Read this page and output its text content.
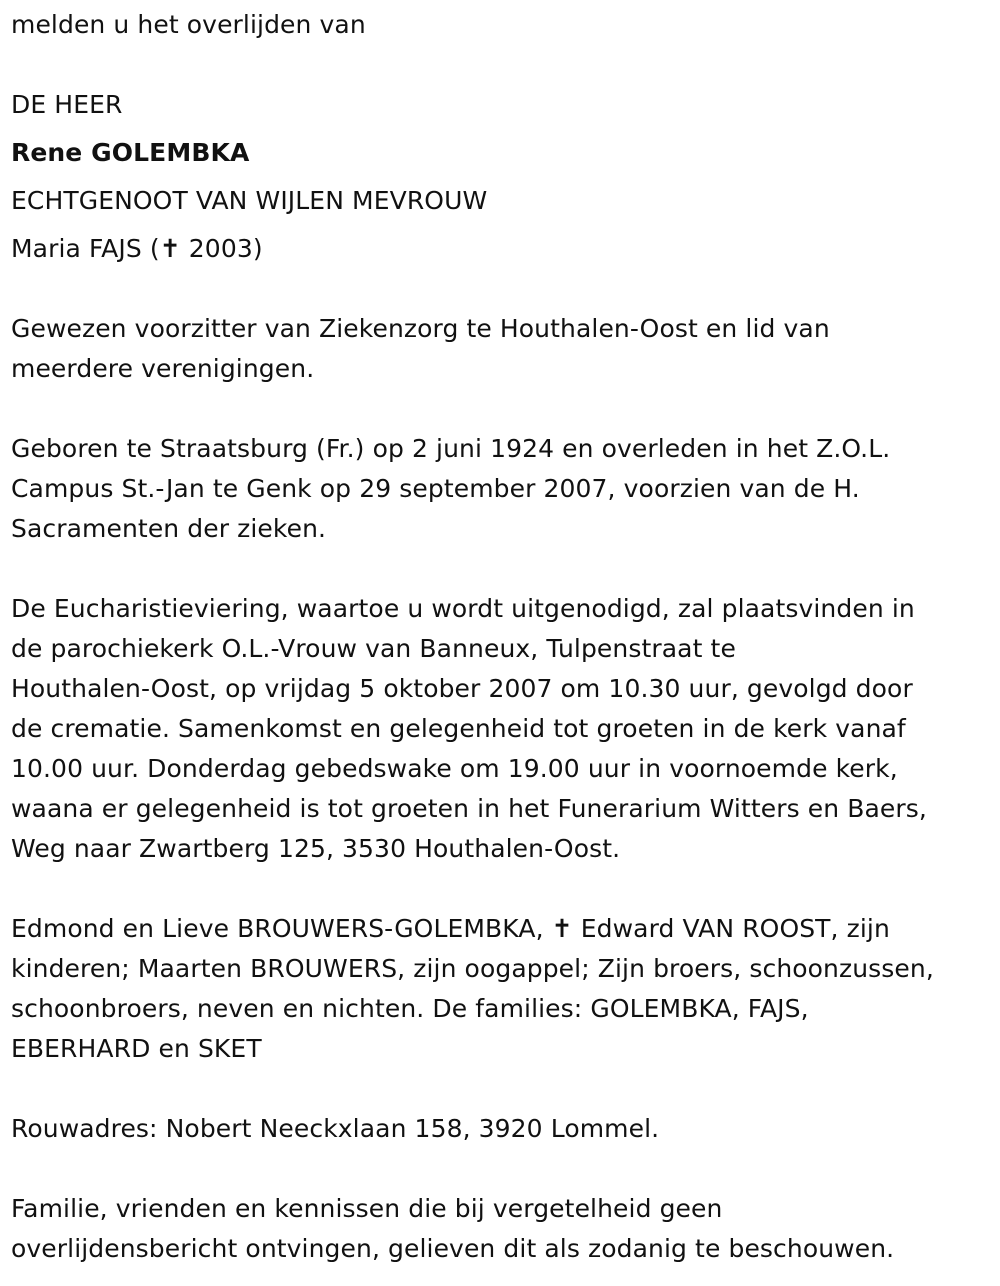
melden u het overlijden van
DE HEER
Rene GOLEMBKA
ECHTGENOOT VAN WIJLEN MEVROUW
Maria FAJS (✝ 2003)
Gewezen voorzitter van Ziekenzorg te Houthalen-Oost en lid van
meerdere verenigingen.
Geboren te Straatsburg (Fr.) op 2 juni 1924 en overleden in het Z.O.L.
Campus St.-Jan te Genk op 29 september 2007, voorzien van de H.
Sacramenten der zieken.
De Eucharistieviering, waartoe u wordt uitgenodigd, zal plaatsvinden in
de parochiekerk O.L.-Vrouw van Banneux, Tulpenstraat te
Houthalen-Oost, op vrijdag 5 oktober 2007 om 10.30 uur, gevolgd door
de crematie. Samenkomst en gelegenheid tot groeten in de kerk vanaf
10.00 uur. Donderdag gebedswake om 19.00 uur in voornoemde kerk,
waana er gelegenheid is tot groeten in het Funerarium Witters en Baers,
Weg naar Zwartberg 125, 3530 Houthalen-Oost.
Edmond en Lieve BROUWERS-GOLEMBKA, ✝ Edward VAN ROOST, zijn
kinderen; Maarten BROUWERS, zijn oogappel; Zijn broers, schoonzussen,
schoonbroers, neven en nichten. De families: GOLEMBKA, FAJS,
EBERHARD en SKET
Rouwadres: Nobert Neeckxlaan 158, 3920 Lommel.
Familie, vrienden en kennissen die bij vergetelheid geen
overlijdensbericht ontvingen, gelieven dit als zodanig te beschouwen.
